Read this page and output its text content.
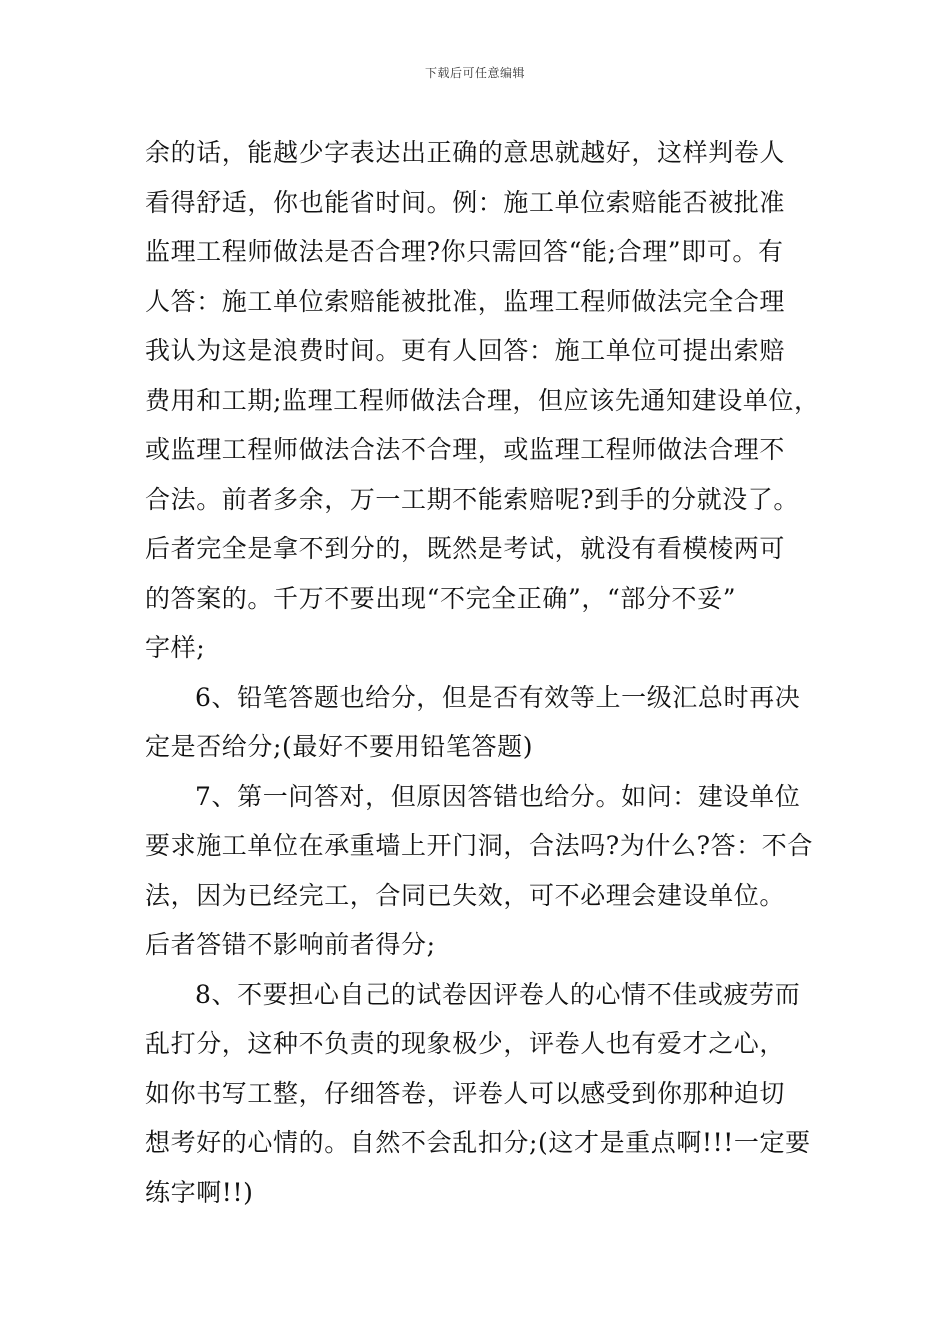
下载后可任意编辑
余的话，能越少字表达出正确的意思就越好，这样判卷人
看得舒适，你也能省时间。例：施工单位索赔能否被批准
监理工程师做法是否合理?你只需回答“能;合理”即可。有
人答：施工单位索赔能被批准，监理工程师做法完全合理
我认为这是浪费时间。更有人回答：施工单位可提出索赔
费用和工期;监理工程师做法合理，但应该先通知建设单位，
或监理工程师做法合法不合理，或监理工程师做法合理不
合法。前者多余，万一工期不能索赔呢?到手的分就没了。
后者完全是拿不到分的，既然是考试，就没有看模棱两可
的答案的。千万不要出现“不完全正确”，“部分不妥”
字样;
6、铅笔答题也给分，但是否有效等上一级汇总时再决
定是否给分;(最好不要用铅笔答题)
7、第一问答对，但原因答错也给分。如问：建设单位
要求施工单位在承重墙上开门洞，合法吗?为什么?答：不合
法，因为已经完工，合同已失效，可不必理会建设单位。
后者答错不影响前者得分;
8、不要担心自己的试卷因评卷人的心情不佳或疲劳而
乱打分，这种不负责的现象极少，评卷人也有爱才之心，
如你书写工整，仔细答卷，评卷人可以感受到你那种迫切
想考好的心情的。自然不会乱扣分;(这才是重点啊!!!一定要
练字啊!!)
